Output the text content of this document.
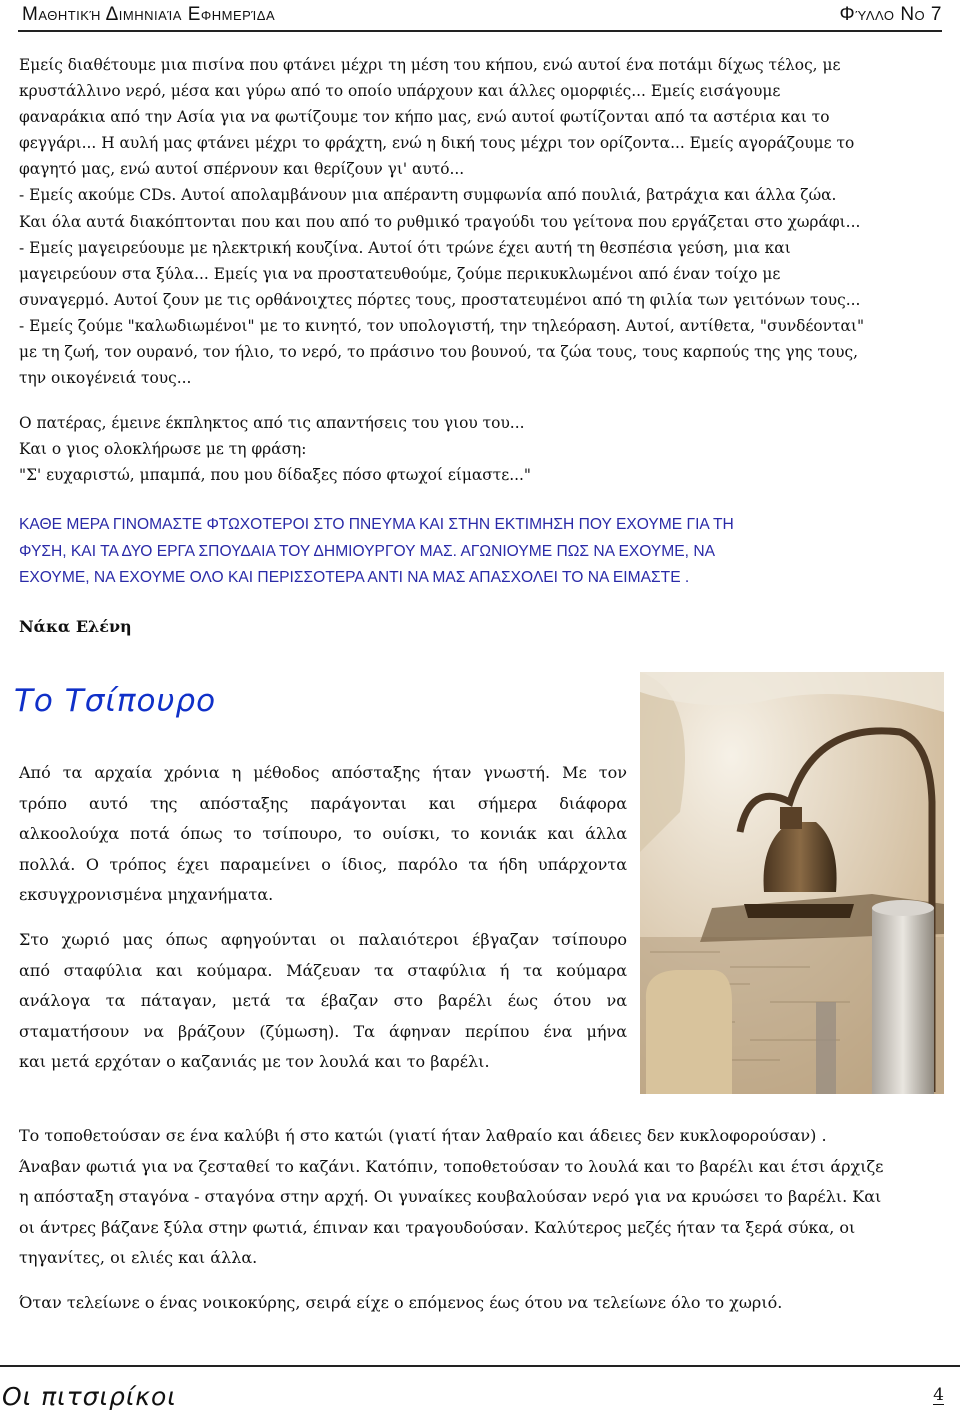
Μαθητική Διμηνιαία Εφημερίδα	Φύλλο Νο 7

Εμείς διαθέτουμε μια πισίνα που φτάνει μέχρι τη μέση του κήπου, ενώ αυτοί ένα ποτάμι δίχως τέλος, με
κρυστάλλινο νερό, μέσα και γύρω από το οποίο υπάρχουν και άλλες ομορφιές... Εμείς εισάγουμε
φαναράκια από την Ασία για να φωτίζουμε τον κήπο μας, ενώ αυτοί φωτίζονται από τα αστέρια και το
φεγγάρι... Η αυλή μας φτάνει μέχρι το φράχτη, ενώ η δική τους μέχρι τον ορίζοντα... Εμείς αγοράζουμε το
φαγητό μας, ενώ αυτοί σπέρνουν και θερίζουν γι' αυτό...
- Εμείς ακούμε CDs. Αυτοί απολαμβάνουν μια απέραντη συμφωνία από πουλιά, βατράχια και άλλα ζώα.
Και όλα αυτά διακόπτονται που και που από το ρυθμικό τραγούδι του γείτονα που εργάζεται στο χωράφι...
- Εμείς μαγειρεύουμε με ηλεκτρική κουζίνα. Αυτοί ότι τρώνε έχει αυτή τη θεσπέσια γεύση, μια και
μαγειρεύουν στα ξύλα... Εμείς για να προστατευθούμε, ζούμε περικυκλωμένοι από έναν τοίχο με
συναγερμό. Αυτοί ζουν με τις ορθάνοιχτες πόρτες τους, προστατευμένοι από τη φιλία των γειτόνων τους...
- Εμείς ζούμε "καλωδιωμένοι" με το κινητό, τον υπολογιστή, την τηλεόραση. Αυτοί, αντίθετα, "συνδέονται"
με τη ζωή, τον ουρανό, τον ήλιο, το νερό, το πράσινο του βουνού, τα ζώα τους, τους καρπούς της γης τους,
την οικογένειά τους...

Ο πατέρας, έμεινε έκπληκτος από τις απαντήσεις του γιου του...
Και ο γιος ολοκλήρωσε με τη φράση:
"Σ' ευχαριστώ, μπαμπά, που μου δίδαξες πόσο φτωχοί είμαστε..."

ΚΑΘΕ ΜΕΡΑ ΓΙΝΟΜΑΣΤΕ ΦΤΩΧΟΤΕΡΟΙ ΣΤΟ ΠΝΕΥΜΑ ΚΑΙ ΣΤΗΝ ΕΚΤΙΜΗΣΗ ΠΟΥ ΕΧΟΥΜΕ ΓΙΑ ΤΗ
ΦΥΣΗ, ΚΑΙ ΤΑ ΔΥΟ ΕΡΓΑ ΣΠΟΥΔΑΙΑ ΤΟΥ ΔΗΜΙΟΥΡΓΟΥ ΜΑΣ. ΑΓΩΝΙΟΥΜΕ ΠΩΣ ΝΑ ΕΧΟΥΜΕ, ΝΑ
ΕΧΟΥΜΕ, ΝΑ ΕΧΟΥΜΕ ΟΛΟ ΚΑΙ ΠΕΡΙΣΣΟΤΕΡΑ ΑΝΤΙ ΝΑ ΜΑΣ ΑΠΑΣΧΟΛΕΙ ΤΟ ΝΑ ΕΙΜΑΣΤΕ .

Νάκα Ελένη
Το Τσίπουρο

Από τα αρχαία χρόνια η μέθοδος απόσταξης ήταν γνωστή. Με τον
τρόπο αυτό της απόσταξης παράγονται και σήμερα διάφορα
αλκοολούχα ποτά όπως το τσίπουρο, το ουίσκι, το κονιάκ και άλλα
πολλά. Ο τρόπος έχει παραμείνει ο ίδιος, παρόλο τα ήδη υπάρχοντα
εκσυγχρονισμένα μηχανήματα.

Στο χωριό μας όπως αφηγούνται οι παλαιότεροι έβγαζαν τσίπουρο
από σταφύλια και κούμαρα. Μάζευαν τα σταφύλια ή τα κούμαρα
ανάλογα τα πάταγαν, μετά τα έβαζαν στο βαρέλι έως ότου να
σταματήσουν να βράζουν (ζύμωση). Τα άφηναν περίπου ένα μήνα
και μετά ερχόταν ο καζανιάς με τον λουλά και το βαρέλι.

Το τοποθετούσαν σε ένα καλύβι ή στο κατώι (γιατί ήταν λαθραίο και άδειες δεν κυκλοφορούσαν) .
Άναβαν φωτιά για να ζεσταθεί το καζάνι. Κατόπιν, τοποθετούσαν το λουλά και το βαρέλι και έτσι άρχιζε
η απόσταξη σταγόνα - σταγόνα στην αρχή. Οι γυναίκες κουβαλούσαν νερό για να κρυώσει το βαρέλι. Και
οι άντρες βάζανε ξύλα στην φωτιά, έπιναν και τραγουδούσαν. Καλύτερος μεζές ήταν τα ξερά σύκα, οι
τηγανίτες, οι ελιές και άλλα.

Όταν τελείωνε ο ένας νοικοκύρης, σειρά είχε ο επόμενος έως ότου να τελείωνε όλο το χωριό.

Οι πιτσιρίκοι	4
